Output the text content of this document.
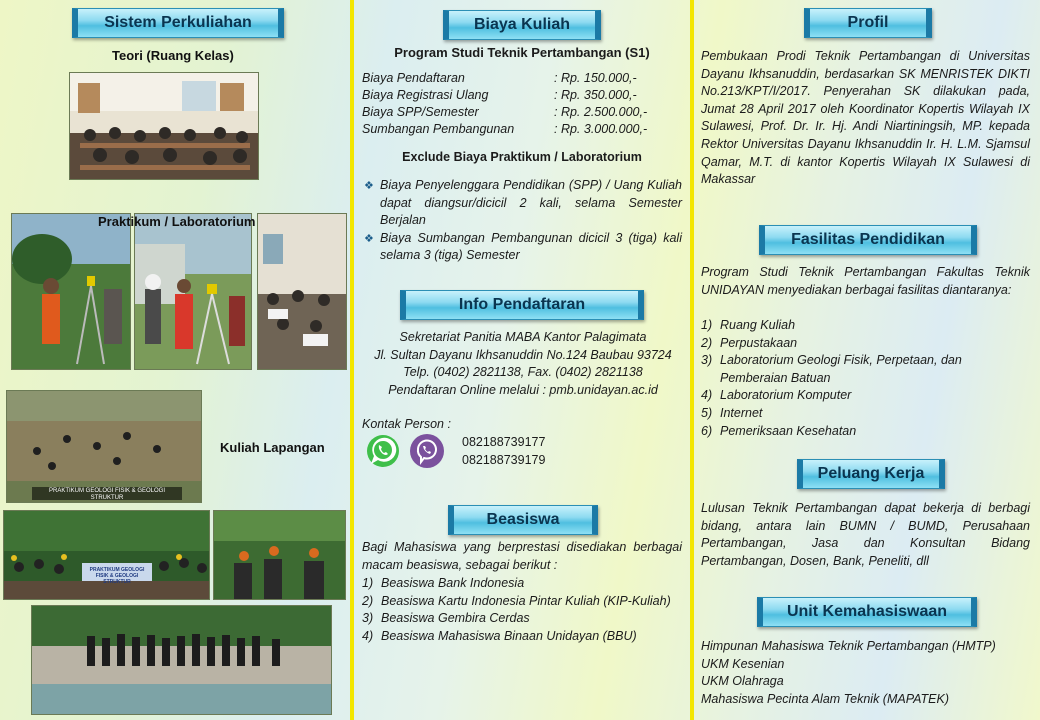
Sistem Perkuliahan
Teori (Ruang Kelas)
Praktikum / Laboratorium
PRAKTIKUM GEOLOGI FISIK & GEOLOGI STRUKTUR
Kuliah Lapangan
PRAKTIKUM GEOLOGI FISIK & GEOLOGI STRUKTUR
Biaya Kuliah
Program Studi Teknik Pertambangan (S1)
Biaya Pendaftaran	: Rp. 150.000,-
Biaya Registrasi Ulang	: Rp. 350.000,-
Biaya SPP/Semester	: Rp. 2.500.000,-
Sumbangan Pembangunan	: Rp. 3.000.000,-
Exclude Biaya Praktikum / Laboratorium
❖ Biaya Penyelenggara Pendidikan (SPP) / Uang Kuliah dapat diangsur/dicicil 2 kali, selama Semester Berjalan
❖ Biaya Sumbangan Pembangunan dicicil 3 (tiga) kali selama 3 (tiga) Semester
Info Pendaftaran
Sekretariat Panitia MABA Kantor Palagimata
Jl. Sultan Dayanu Ikhsanuddin No.124 Baubau 93724
Telp. (0402) 2821138, Fax. (0402) 2821138
Pendaftaran Online melalui : pmb.unidayan.ac.id
Kontak Person :
082188739177
082188739179
Beasiswa
Bagi Mahasiswa yang berprestasi disediakan berbagai macam beasiswa, sebagai berikut :
1) Beasiswa Bank Indonesia
2) Beasiswa Kartu Indonesia Pintar Kuliah (KIP-Kuliah)
3) Beasiswa Gembira Cerdas
4) Beasiswa Mahasiswa Binaan Unidayan (BBU)
Profil
Pembukaan Prodi Teknik Pertambangan di Universitas Dayanu Ikhsanuddin, berdasarkan SK MENRISTEK DIKTI No.213/KPT/I/2017. Penyerahan SK dilakukan pada, Jumat 28 April 2017 oleh Koordinator Kopertis Wilayah IX Sulawesi, Prof. Dr. Ir. Hj. Andi Niartiningsih, MP. kepada Rektor Universitas Dayanu Ikhsanuddin Ir. H. L.M. Sjamsul Qamar, M.T. di kantor Kopertis Wilayah IX Sulawesi di Makassar
Fasilitas Pendidikan
Program Studi Teknik Pertambangan Fakultas Teknik UNIDAYAN menyediakan berbagai fasilitas diantaranya:
1) Ruang Kuliah
2) Perpustakaan
3) Laboratorium Geologi Fisik, Perpetaan, dan Pemberaian Batuan
4) Laboratorium Komputer
5) Internet
6) Pemeriksaan Kesehatan
Peluang Kerja
Lulusan Teknik Pertambangan dapat bekerja di berbagi bidang, antara lain BUMN / BUMD, Perusahaan Pertambangan, Jasa dan Konsultan Bidang Pertambangan, Dosen, Bank, Peneliti, dll
Unit Kemahasiswaan
Himpunan Mahasiswa Teknik Pertambangan (HMTP)
UKM Kesenian
UKM Olahraga
Mahasiswa Pecinta Alam Teknik (MAPATEK)
